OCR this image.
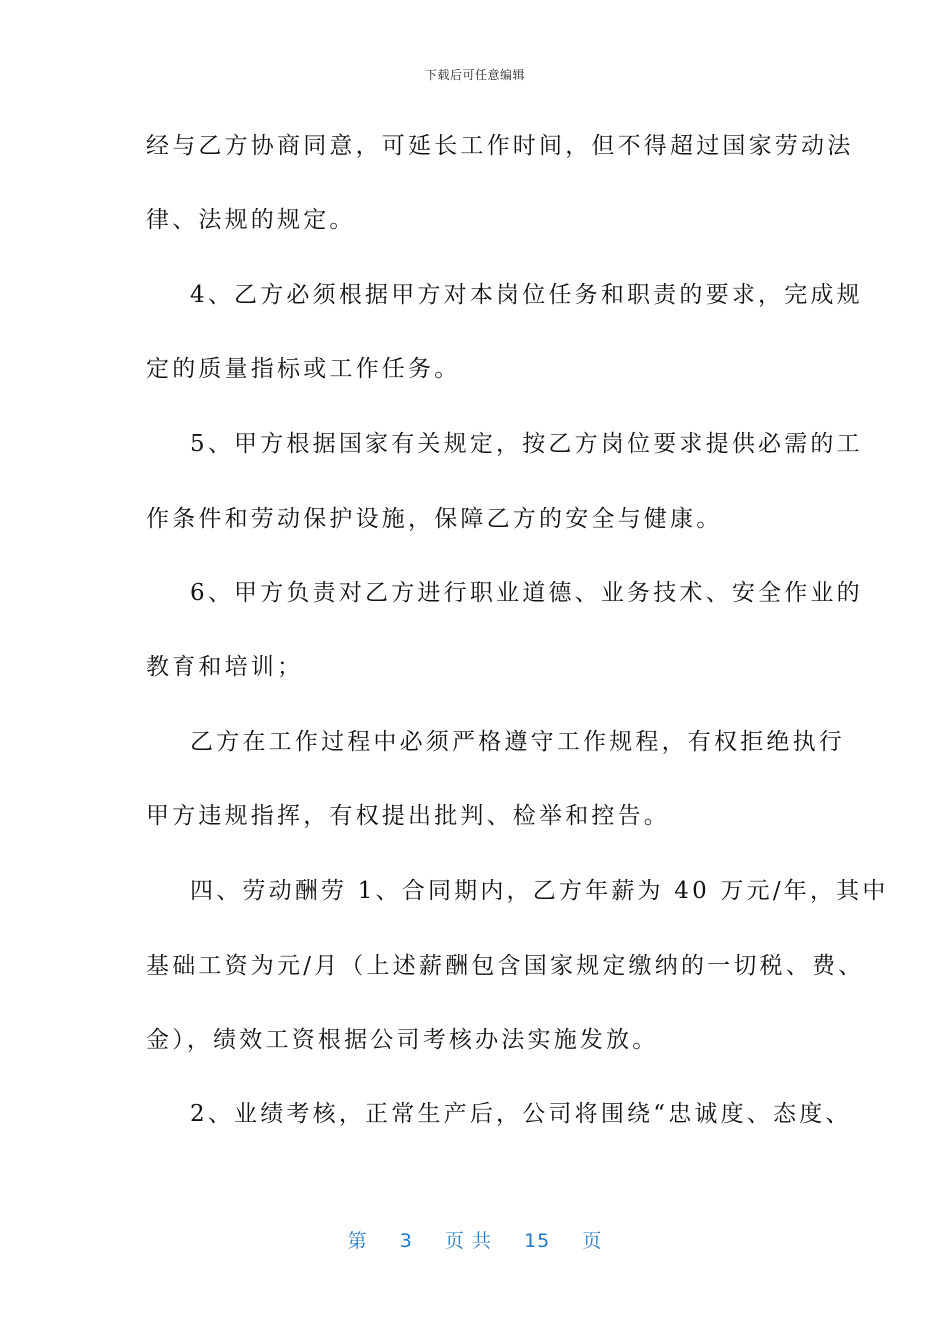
下载后可任意编辑
经与乙方协商同意，可延长工作时间，但不得超过国家劳动法
律、法规的规定。
4、乙方必须根据甲方对本岗位任务和职责的要求，完成规
定的质量指标或工作任务。
5、甲方根据国家有关规定，按乙方岗位要求提供必需的工
作条件和劳动保护设施，保障乙方的安全与健康。
6、甲方负责对乙方进行职业道德、业务技术、安全作业的
教育和培训；
乙方在工作过程中必须严格遵守工作规程，有权拒绝执行
甲方违规指挥，有权提出批判、检举和控告。
四、劳动酬劳 1、合同期内，乙方年薪为 40 万元/年，其中
基础工资为元/月（上述薪酬包含国家规定缴纳的一切税、费、
金），绩效工资根据公司考核办法实施发放。
2、业绩考核，正常生产后，公司将围绕“忠诚度、态度、
第 3 页 共 15 页
